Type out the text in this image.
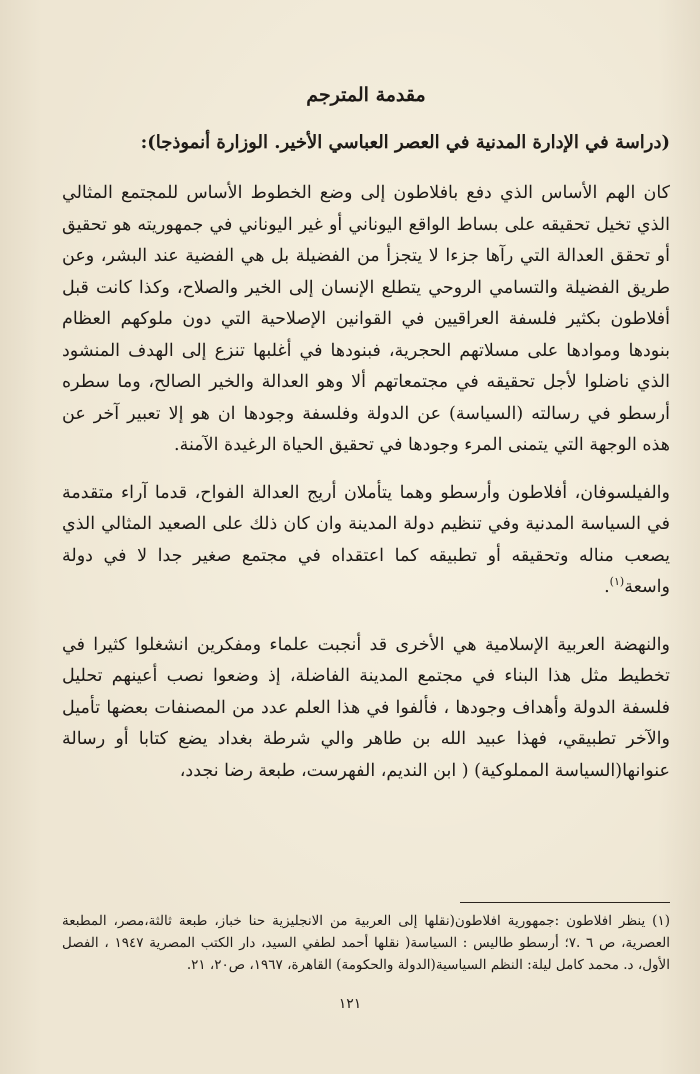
مقدمة المترجم
(دراسة في الإدارة المدنية في العصر العباسي الأخير. الوزارة أنموذجا):

كان الهم الأساس الذي دفع بافلاطون إلى وضع الخطوط الأساس للمجتمع المثالي الذي تخيل تحقيقه على بساط الواقع اليوناني أو غير اليوناني في جمهوريته هو تحقيق أو تحقق العدالة التي رآها جزءا لا يتجزأ من الفضيلة بل هي الفضية عند البشر، وعن طريق الفضيلة والتسامي الروحي يتطلع الإنسان إلى الخير والصلاح، وكذا كانت قبل أفلاطون بكثير فلسفة العراقيين في القوانين الإصلاحية التي دون ملوكهم العظام بنودها وموادها على مسلاتهم الحجرية، فبنودها في أغلبها تنزع إلى الهدف المنشود الذي ناضلوا لأجل تحقيقه في مجتمعاتهم ألا وهو العدالة والخير الصالح، وما سطره أرسطو في رسالته (السياسة) عن الدولة وفلسفة وجودها ان هو إلا تعبير آخر عن هذه الوجهة التي يتمنى المرء وجودها في تحقيق الحياة الرغيدة الآمنة.

والفيلسوفان، أفلاطون وأرسطو وهما يتأملان أريج العدالة الفواح، قدما آراء متقدمة في السياسة المدنية وفي تنظيم دولة المدينة وان كان ذلك على الصعيد المثالي الذي يصعب مناله وتحقيقه أو تطبيقه كما اعتقداه في مجتمع صغير جدا لا في دولة واسعة$^{(١)}$.

والنهضة العربية الإسلامية هي الأخرى قد أنجبت علماء ومفكرين انشغلوا كثيرا في تخطيط مثل هذا البناء في مجتمع المدينة الفاضلة، إذ وضعوا نصب أعينهم تحليل فلسفة الدولة وأهداف وجودها ، فألفوا في هذا العلم عدد من المصنفات بعضها تأميل والآخر تطبيقي، فهذا عبيد الله بن طاهر والي شرطة بغداد يضع كتابا أو رسالة عنوانها(السياسة المملوكية) ( ابن النديم، الفهرست، طبعة رضا نجدد،

(١) ينظر افلاطون :جمهورية افلاطون(نقلها إلى العربية من الانجليزية حنا خباز، طبعة ثالثة،مصر، المطبعة العصرية، ص ٦ .٧؛ أرسطو طاليس : السياسة( نقلها أحمد لطفي السيد، دار الكتب المصرية ١٩٤٧ ، الفصل الأول، د. محمد كامل ليلة: النظم السياسية(الدولة والحكومة) القاهرة، ١٩٦٧، ص٢٠، ٢١.
١٢١
